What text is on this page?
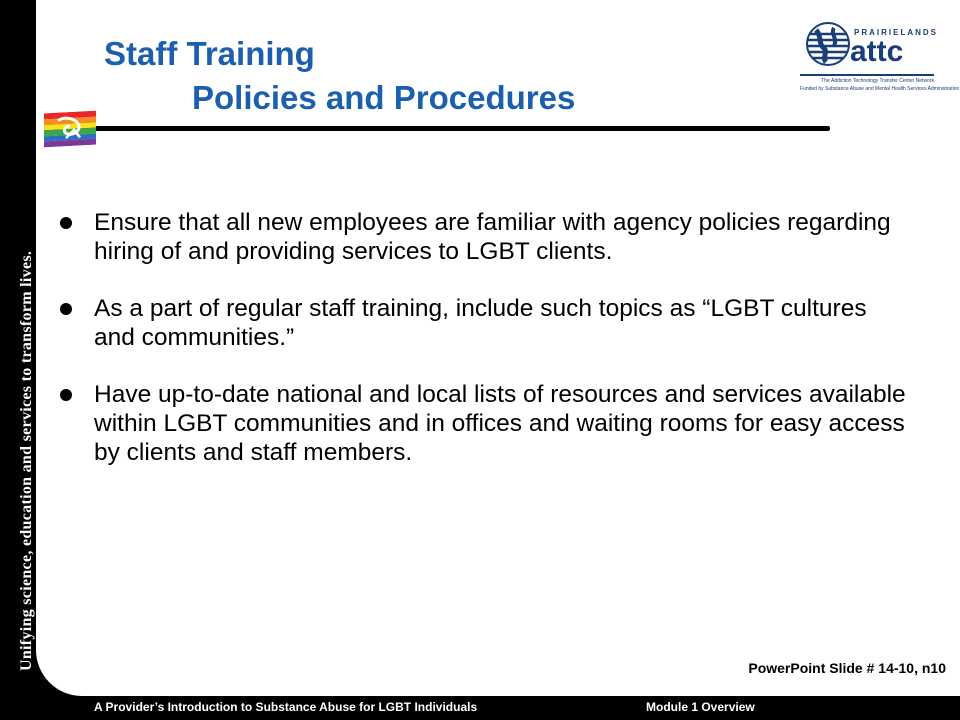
Unifying science, education and services to transform lives.
Staff Training
Policies and Procedures
PRAIRIELANDS
attc
The Addiction Technology Transfer Center Network
Funded by Substance Abuse and Mental Health Services Administration
Ensure that all new employees are familiar with agency policies regarding hiring of and providing services to LGBT clients.
As a part of regular staff training, include such topics as “LGBT cultures and communities.”
Have up-to-date national and local lists of resources and services available within LGBT communities and in offices and waiting rooms for easy access by clients and staff members.
PowerPoint Slide # 14-10, n10
A Provider’s Introduction to Substance Abuse for LGBT Individuals	Module 1 Overview
